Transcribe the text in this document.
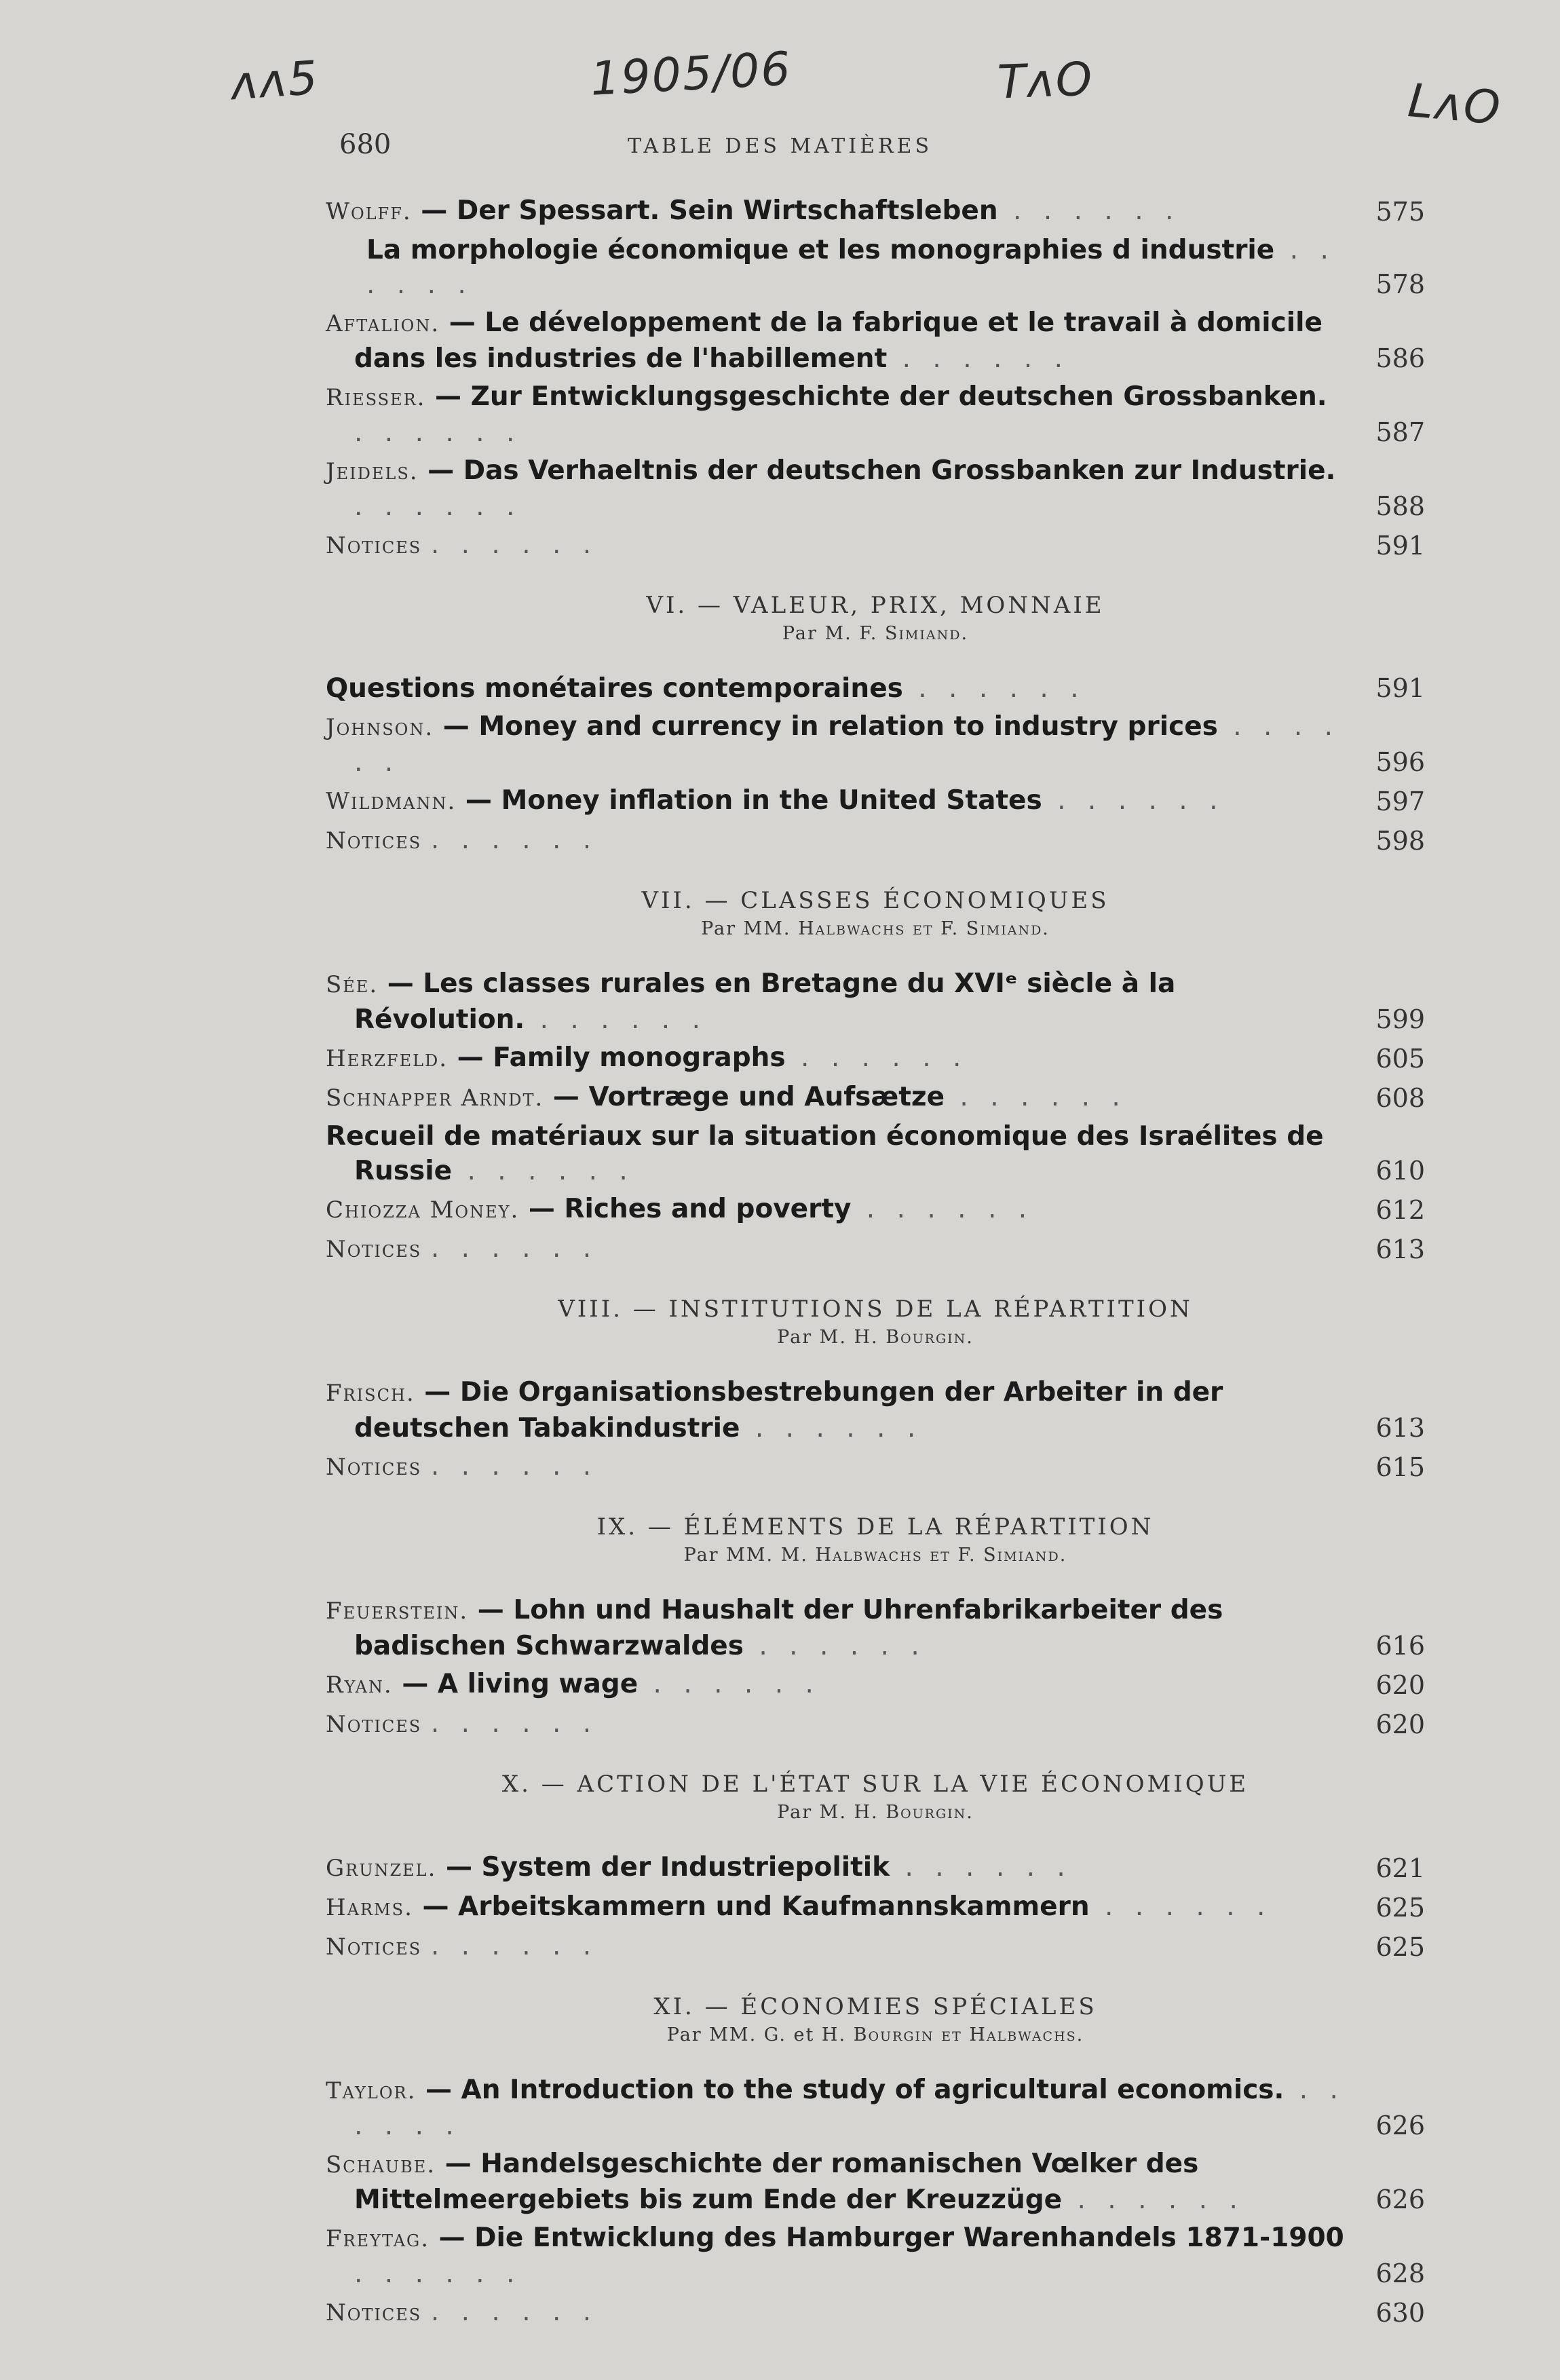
ᴧᴧ5	1905/06	TᴧO	LᴧO
680	TABLE DES MATIÈRES
Wolff. — Der Spessart. Sein Wirtschaftsleben . . . . . .	575
La morphologie économique et les monographies d industrie . . . . . .	578
Aftalion. — Le développement de la fabrique et le travail à domicile dans les industries de l'habillement . . . . . .	586
Riesser. — Zur Entwicklungsgeschichte der deutschen Grossbanken. . . . . . .	587
Jeidels. — Das Verhaeltnis der deutschen Grossbanken zur Industrie. . . . . . .	588
Notices . . . . . .	591
VI. — VALEUR, PRIX, MONNAIE
Par M. F. Simiand.
Questions monétaires contemporaines . . . . . .	591
Johnson. — Money and currency in relation to industry prices . . . . . .	596
Wildmann. — Money inflation in the United States . . . . . .	597
Notices . . . . . .	598
VII. — CLASSES ÉCONOMIQUES
Par MM. Halbwachs et F. Simiand.
Sée. — Les classes rurales en Bretagne du XVIᵉ siècle à la Révolution. . . . . . .	599
Herzfeld. — Family monographs . . . . . .	605
Schnapper Arndt. — Vortræge und Aufsætze . . . . . .	608
Recueil de matériaux sur la situation économique des Israélites de Russie . . . . . .	610
Chiozza Money. — Riches and poverty . . . . . .	612
Notices . . . . . .	613
VIII. — INSTITUTIONS DE LA RÉPARTITION
Par M. H. Bourgin.
Frisch. — Die Organisationsbestrebungen der Arbeiter in der deutschen Tabakindustrie . . . . . .	613
Notices . . . . . .	615
IX. — ÉLÉMENTS DE LA RÉPARTITION
Par MM. M. Halbwachs et F. Simiand.
Feuerstein. — Lohn und Haushalt der Uhrenfabrikarbeiter des badischen Schwarzwaldes . . . . . .	616
Ryan. — A living wage . . . . . .	620
Notices . . . . . .	620
X. — ACTION DE L'ÉTAT SUR LA VIE ÉCONOMIQUE
Par M. H. Bourgin.
Grunzel. — System der Industriepolitik . . . . . .	621
Harms. — Arbeitskammern und Kaufmannskammern . . . . . .	625
Notices . . . . . .	625
XI. — ÉCONOMIES SPÉCIALES
Par MM. G. et H. Bourgin et Halbwachs.
Taylor. — An Introduction to the study of agricultural economics. . . . . . .	626
Schaube. — Handelsgeschichte der romanischen Vœlker des Mittelmeergebiets bis zum Ende der Kreuzzüge . . . . . .	626
Freytag. — Die Entwicklung des Hamburger Warenhandels 1871-1900 . . . . . .	628
Notices . . . . . .	630
